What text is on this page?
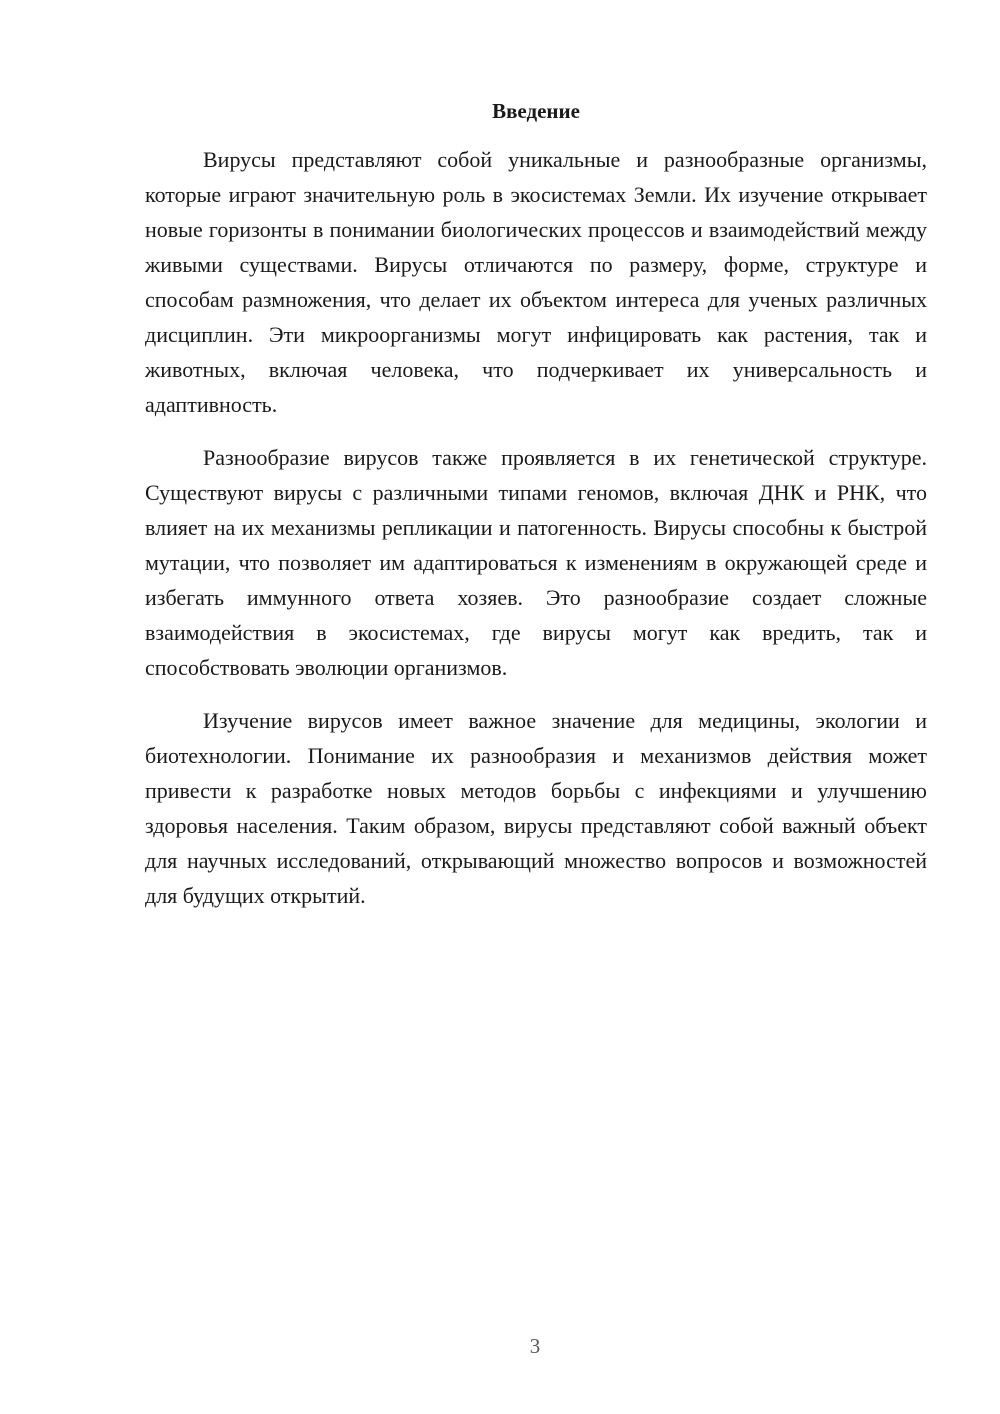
Введение

Вирусы представляют собой уникальные и разнообразные организмы, которые играют значительную роль в экосистемах Земли. Их изучение открывает новые горизонты в понимании биологических процессов и взаимодействий между живыми существами. Вирусы отличаются по размеру, форме, структуре и способам размножения, что делает их объектом интереса для ученых различных дисциплин. Эти микроорганизмы могут инфицировать как растения, так и животных, включая человека, что подчеркивает их универсальность и адаптивность.

Разнообразие вирусов также проявляется в их генетической структуре. Существуют вирусы с различными типами геномов, включая ДНК и РНК, что влияет на их механизмы репликации и патогенность. Вирусы способны к быстрой мутации, что позволяет им адаптироваться к изменениям в окружающей среде и избегать иммунного ответа хозяев. Это разнообразие создает сложные взаимодействия в экосистемах, где вирусы могут как вредить, так и способствовать эволюции организмов.

Изучение вирусов имеет важное значение для медицины, экологии и биотехнологии. Понимание их разнообразия и механизмов действия может привести к разработке новых методов борьбы с инфекциями и улучшению здоровья населения. Таким образом, вирусы представляют собой важный объект для научных исследований, открывающий множество вопросов и возможностей для будущих открытий.

3
